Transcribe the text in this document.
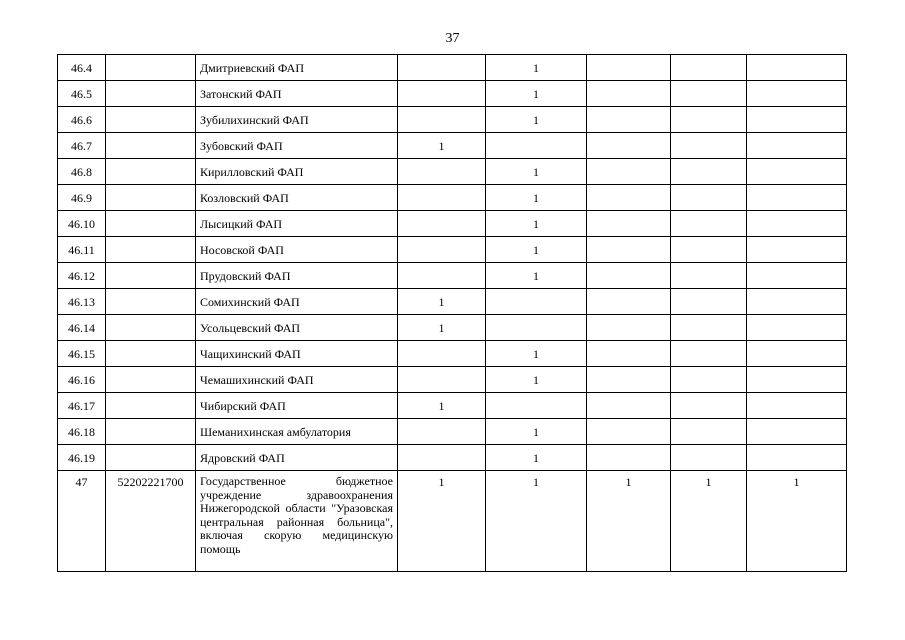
37
46.4		Дмитриевский ФАП		1			
46.5		Затонский ФАП		1			
46.6		Зубилихинский ФАП		1			
46.7		Зубовский ФАП	1				
46.8		Кирилловский ФАП		1			
46.9		Козловский ФАП		1			
46.10		Лысицкий ФАП		1			
46.11		Носовской ФАП		1			
46.12		Прудовский ФАП		1			
46.13		Сомихинский ФАП	1				
46.14		Усольцевский ФАП	1				
46.15		Чащихинский ФАП		1			
46.16		Чемашихинский ФАП		1			
46.17		Чибирский ФАП	1				
46.18		Шеманихинская амбулатория		1			
46.19		Ядровский ФАП		1			
47	52202221700	Государственное бюджетное учреждение здравоохранения Нижегородской области "Уразовская центральная районная больница", включая скорую медицинскую помощь	1	1	1	1	1
